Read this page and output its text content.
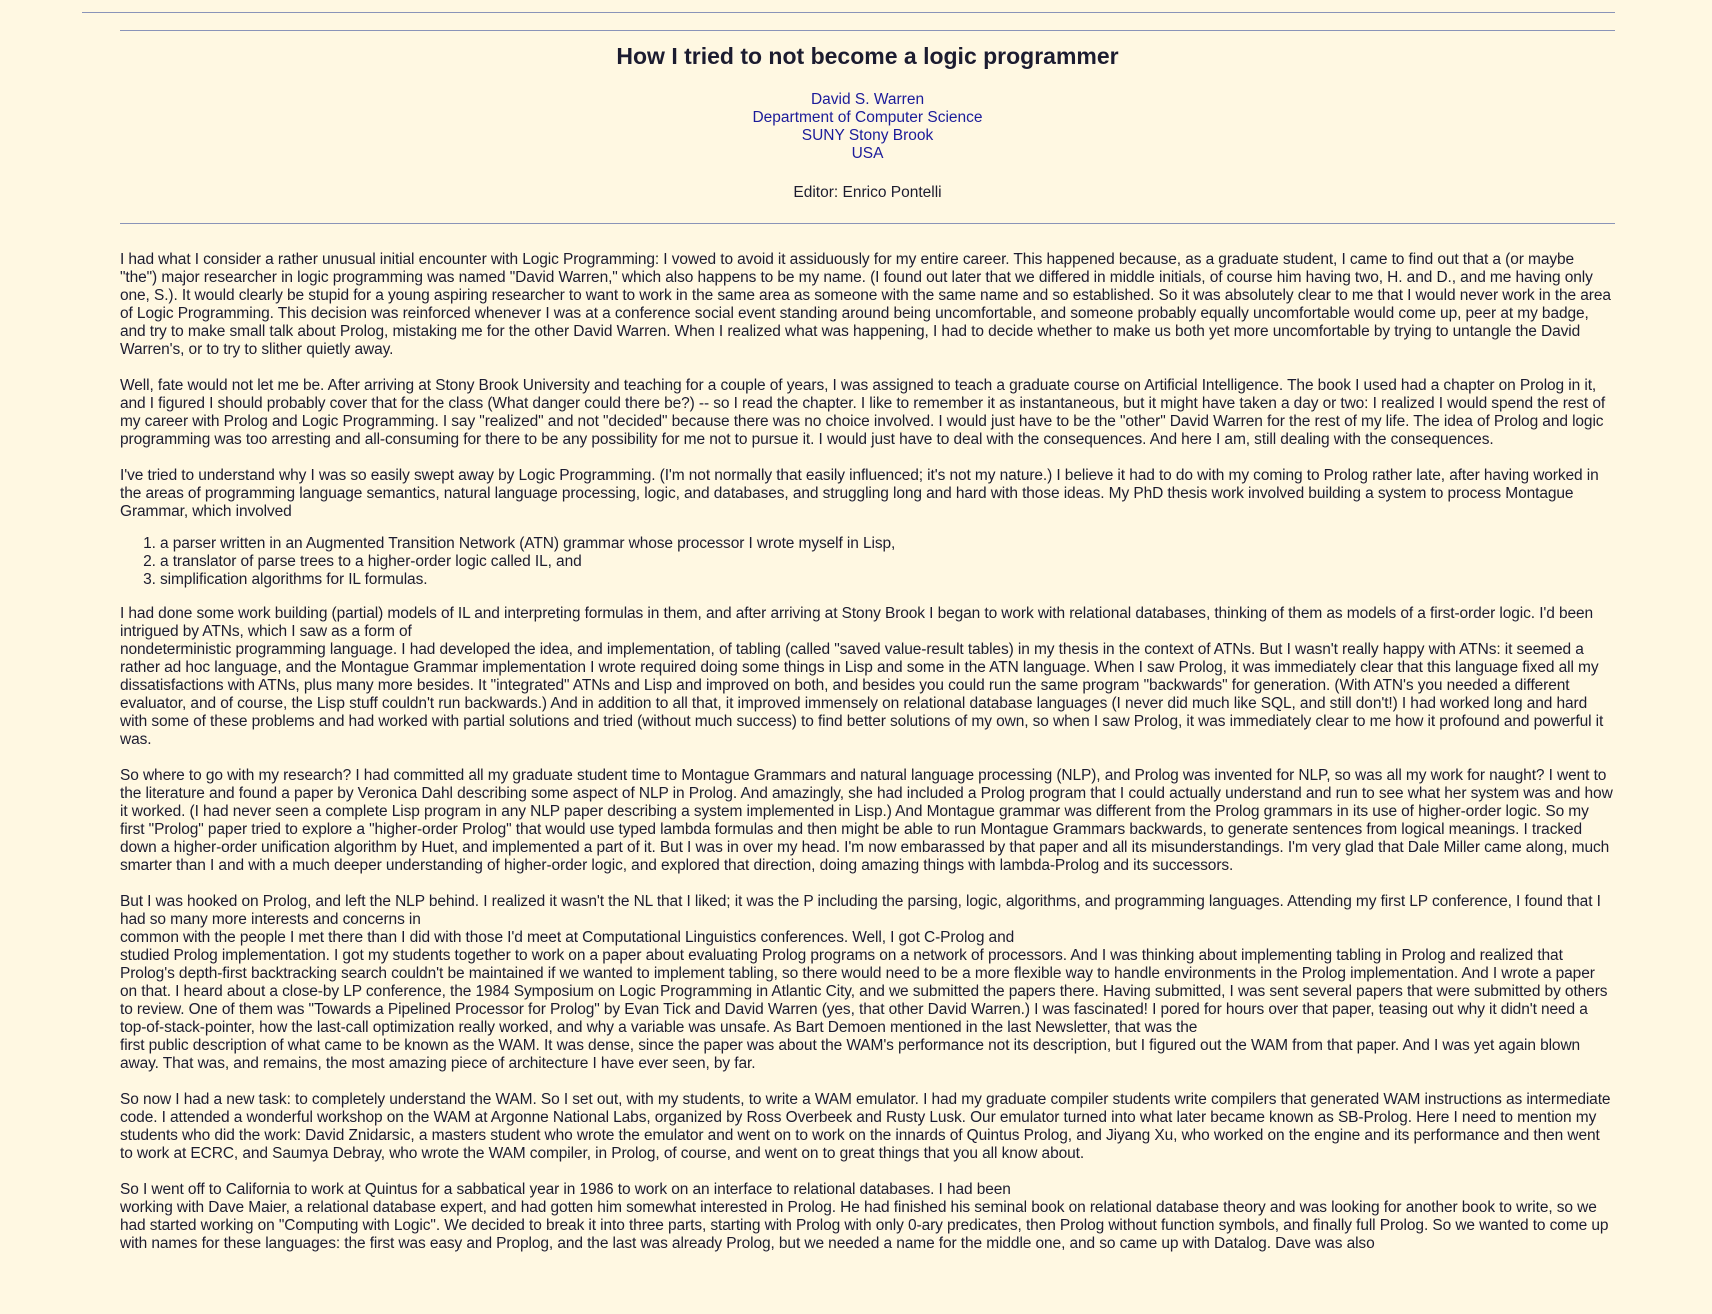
How I tried to not become a logic programmer
David S. Warren
Department of Computer Science
SUNY Stony Brook
USA
Editor: Enrico Pontelli

I had what I consider a rather unusual initial encounter with Logic Programming: I vowed to avoid it assiduously for my entire career. This happened because, as a graduate student, I came to find out that a (or maybe "the") major researcher in logic programming was named "David Warren," which also happens to be my name. (I found out later that we differed in middle initials, of course him having two, H. and D., and me having only one, S.). It would clearly be stupid for a young aspiring researcher to want to work in the same area as someone with the same name and so established. So it was absolutely clear to me that I would never work in the area of Logic Programming. This decision was reinforced whenever I was at a conference social event standing around being uncomfortable, and someone probably equally uncomfortable would come up, peer at my badge, and try to make small talk about Prolog, mistaking me for the other David Warren. When I realized what was happening, I had to decide whether to make us both yet more uncomfortable by trying to untangle the David Warren's, or to try to slither quietly away.

Well, fate would not let me be. After arriving at Stony Brook University and teaching for a couple of years, I was assigned to teach a graduate course on Artificial Intelligence. The book I used had a chapter on Prolog in it, and I figured I should probably cover that for the class (What danger could there be?) -- so I read the chapter. I like to remember it as instantaneous, but it might have taken a day or two: I realized I would spend the rest of my career with Prolog and Logic Programming. I say "realized" and not "decided" because there was no choice involved. I would just have to be the "other" David Warren for the rest of my life. The idea of Prolog and logic programming was too arresting and all-consuming for there to be any possibility for me not to pursue it. I would just have to deal with the consequences. And here I am, still dealing with the consequences.

I've tried to understand why I was so easily swept away by Logic Programming. (I'm not normally that easily influenced; it's not my nature.) I believe it had to do with my coming to Prolog rather late, after having worked in the areas of programming language semantics, natural language processing, logic, and databases, and struggling long and hard with those ideas. My PhD thesis work involved building a system to process Montague Grammar, which involved

1. a parser written in an Augmented Transition Network (ATN) grammar whose processor I wrote myself in Lisp,
2. a translator of parse trees to a higher-order logic called IL, and
3. simplification algorithms for IL formulas.

I had done some work building (partial) models of IL and interpreting formulas in them, and after arriving at Stony Brook I began to work with relational databases, thinking of them as models of a first-order logic. I'd been intrigued by ATNs, which I saw as a form of
nondeterministic programming language. I had developed the idea, and implementation, of tabling (called "saved value-result tables) in my thesis in the context of ATNs. But I wasn't really happy with ATNs: it seemed a rather ad hoc language, and the Montague Grammar implementation I wrote required doing some things in Lisp and some in the ATN language. When I saw Prolog, it was immediately clear that this language fixed all my dissatisfactions with ATNs, plus many more besides. It "integrated" ATNs and Lisp and improved on both, and besides you could run the same program "backwards" for generation. (With ATN's you needed a different evaluator, and of course, the Lisp stuff couldn't run backwards.) And in addition to all that, it improved immensely on relational database languages (I never did much like SQL, and still don't!) I had worked long and hard with some of these problems and had worked with partial solutions and tried (without much success) to find better solutions of my own, so when I saw Prolog, it was immediately clear to me how it profound and powerful it was.

So where to go with my research? I had committed all my graduate student time to Montague Grammars and natural language processing (NLP), and Prolog was invented for NLP, so was all my work for naught? I went to the literature and found a paper by Veronica Dahl describing some aspect of NLP in Prolog. And amazingly, she had included a Prolog program that I could actually understand and run to see what her system was and how it worked. (I had never seen a complete Lisp program in any NLP paper describing a system implemented in Lisp.) And Montague grammar was different from the Prolog grammars in its use of higher-order logic. So my first "Prolog" paper tried to explore a "higher-order Prolog" that would use typed lambda formulas and then might be able to run Montague Grammars backwards, to generate sentences from logical meanings. I tracked down a higher-order unification algorithm by Huet, and implemented a part of it. But I was in over my head. I'm now embarassed by that paper and all its misunderstandings. I'm very glad that Dale Miller came along, much smarter than I and with a much deeper understanding of higher-order logic, and explored that direction, doing amazing things with lambda-Prolog and its successors.

But I was hooked on Prolog, and left the NLP behind. I realized it wasn't the NL that I liked; it was the P including the parsing, logic, algorithms, and programming languages. Attending my first LP conference, I found that I had so many more interests and concerns in
common with the people I met there than I did with those I'd meet at Computational Linguistics conferences. Well, I got C-Prolog and
studied Prolog implementation. I got my students together to work on a paper about evaluating Prolog programs on a network of processors. And I was thinking about implementing tabling in Prolog and realized that Prolog's depth-first backtracking search couldn't be maintained if we wanted to implement tabling, so there would need to be a more flexible way to handle environments in the Prolog implementation. And I wrote a paper on that. I heard about a close-by LP conference, the 1984 Symposium on Logic Programming in Atlantic City, and we submitted the papers there. Having submitted, I was sent several papers that were submitted by others to review. One of them was "Towards a Pipelined Processor for Prolog" by Evan Tick and David Warren (yes, that other David Warren.) I was fascinated! I pored for hours over that paper, teasing out why it didn't need a top-of-stack-pointer, how the last-call optimization really worked, and why a variable was unsafe. As Bart Demoen mentioned in the last Newsletter, that was the
first public description of what came to be known as the WAM. It was dense, since the paper was about the WAM's performance not its description, but I figured out the WAM from that paper. And I was yet again blown away. That was, and remains, the most amazing piece of architecture I have ever seen, by far.

So now I had a new task: to completely understand the WAM. So I set out, with my students, to write a WAM emulator. I had my graduate compiler students write compilers that generated WAM instructions as intermediate code. I attended a wonderful workshop on the WAM at Argonne National Labs, organized by Ross Overbeek and Rusty Lusk. Our emulator turned into what later became known as SB-Prolog. Here I need to mention my students who did the work: David Znidarsic, a masters student who wrote the emulator and went on to work on the innards of Quintus Prolog, and Jiyang Xu, who worked on the engine and its performance and then went to work at ECRC, and Saumya Debray, who wrote the WAM compiler, in Prolog, of course, and went on to great things that you all know about.

So I went off to California to work at Quintus for a sabbatical year in 1986 to work on an interface to relational databases. I had been
working with Dave Maier, a relational database expert, and had gotten him somewhat interested in Prolog. He had finished his seminal book on relational database theory and was looking for another book to write, so we had started working on "Computing with Logic". We decided to break it into three parts, starting with Prolog with only 0-ary predicates, then Prolog without function symbols, and finally full Prolog. So we wanted to come up with names for these languages: the first was easy and Proplog, and the last was already Prolog, but we needed a name for the middle one, and so came up with Datalog. Dave was also
